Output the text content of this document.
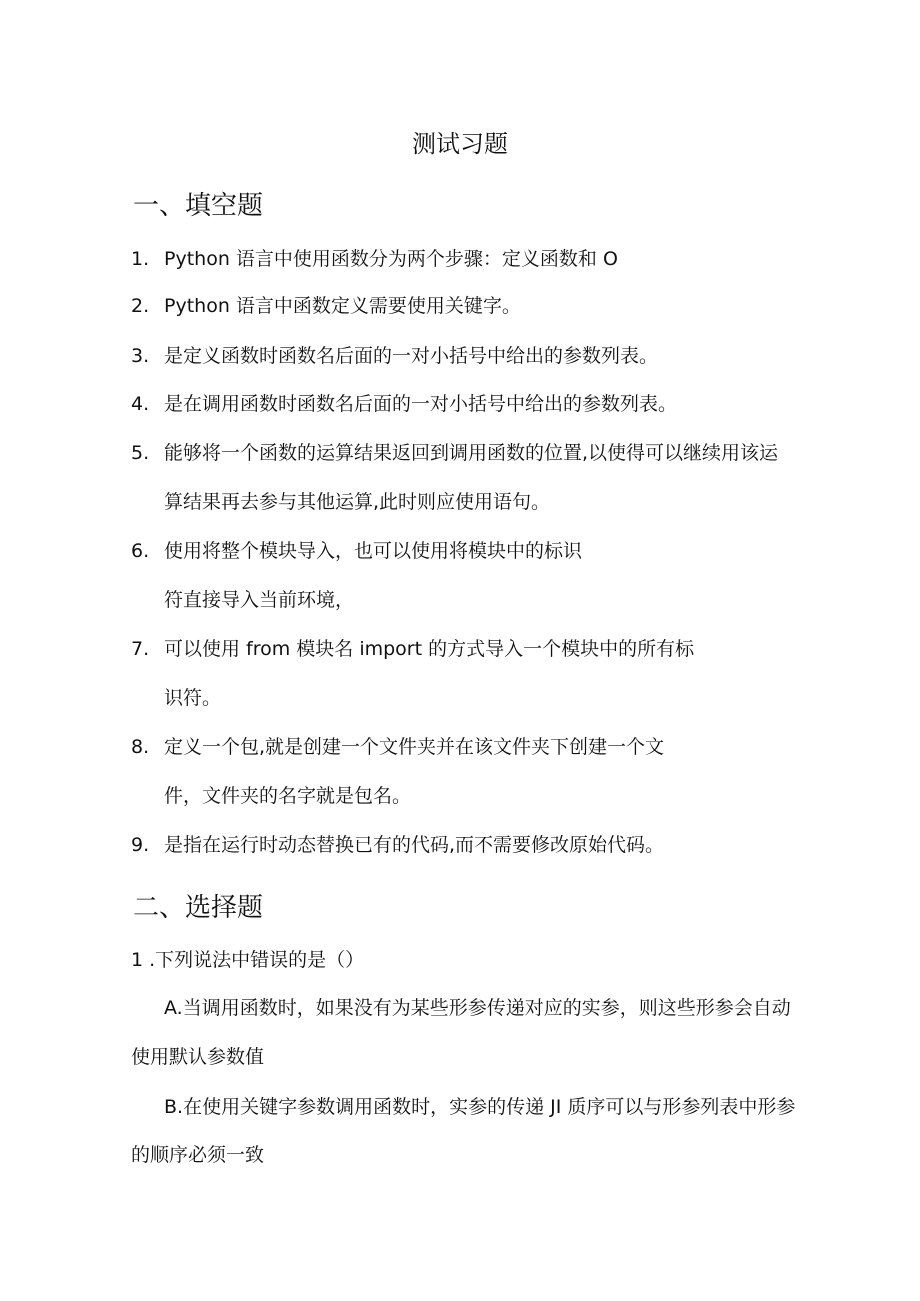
测试习题
一、填空题
1. Python 语言中使用函数分为两个步骤：定义函数和 O
2. Python 语言中函数定义需要使用关键字。
3. 是定义函数时函数名后面的一对小括号中给出的参数列表。
4. 是在调用函数时函数名后面的一对小括号中给出的参数列表。
5. 能够将一个函数的运算结果返回到调用函数的位置,以使得可以继续用该运
算结果再去参与其他运算,此时则应使用语句。
6. 使用将整个模块导入，也可以使用将模块中的标识
符直接导入当前环境，
7. 可以使用 from 模块名 import 的方式导入一个模块中的所有标
识符。
8. 定义一个包,就是创建一个文件夹并在该文件夹下创建一个文
件，文件夹的名字就是包名。
9. 是指在运行时动态替换已有的代码,而不需要修改原始代码。
二、选择题
1 .下列说法中错误的是（）
A.当调用函数时，如果没有为某些形参传递对应的实参，则这些形参会自动
使用默认参数值
B.在使用关键字参数调用函数时，实参的传递 JI 质序可以与形参列表中形参
的顺序必须一致
